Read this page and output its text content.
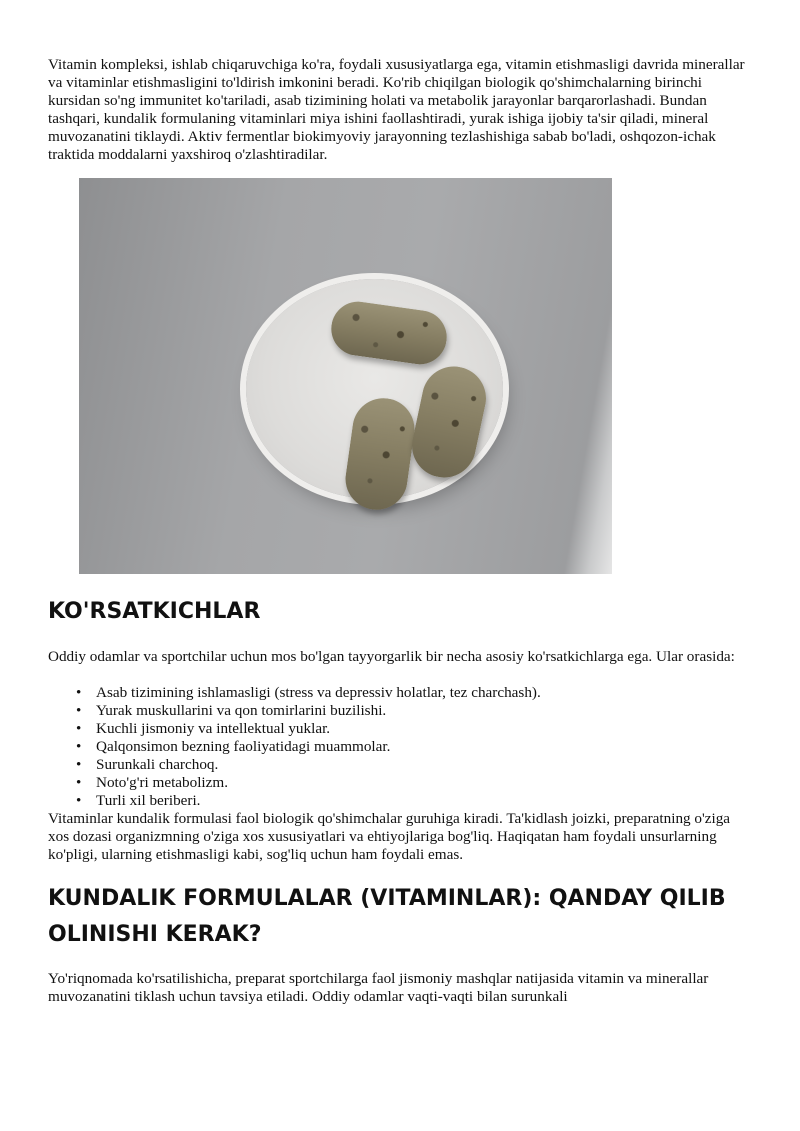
Vitamin kompleksi, ishlab chiqaruvchiga ko'ra, foydali xususiyatlarga ega, vitamin etishmasligi davrida minerallar va vitaminlar etishmasligini to'ldirish imkonini beradi. Ko'rib chiqilgan biologik qo'shimchalarning birinchi kursidan so'ng immunitet ko'tariladi, asab tizimining holati va metabolik jarayonlar barqarorlashadi. Bundan tashqari, kundalik formulaning vitaminlari miya ishini faollashtiradi, yurak ishiga ijobiy ta'sir qiladi, mineral muvozanatini tiklaydi. Aktiv fermentlar biokimyoviy jarayonning tezlashishiga sabab bo'ladi, oshqozon-ichak traktida moddalarni yaxshiroq o'zlashtiradilar.

KO'RSATKICHLAR

Oddiy odamlar va sportchilar uchun mos bo'lgan tayyorgarlik bir necha asosiy ko'rsatkichlarga ega. Ular orasida:

• Asab tizimining ishlamasligi (stress va depressiv holatlar, tez charchash).
• Yurak muskullarini va qon tomirlarini buzilishi.
• Kuchli jismoniy va intellektual yuklar.
• Qalqonsimon bezning faoliyatidagi muammolar.
• Surunkali charchoq.
• Noto'g'ri metabolizm.
• Turli xil beriberi.

Vitaminlar kundalik formulasi faol biologik qo'shimchalar guruhiga kiradi. Ta'kidlash joizki, preparatning o'ziga xos dozasi organizmning o'ziga xos xususiyatlari va ehtiyojlariga bog'liq. Haqiqatan ham foydali unsurlarning ko'pligi, ularning etishmasligi kabi, sog'liq uchun ham foydali emas.

KUNDALIK FORMULALAR (VITAMINLAR): QANDAY QILIB OLINISHI KERAK?

Yo'riqnomada ko'rsatilishicha, preparat sportchilarga faol jismoniy mashqlar natijasida vitamin va minerallar muvozanatini tiklash uchun tavsiya etiladi. Oddiy odamlar vaqti-vaqti bilan surunkali
